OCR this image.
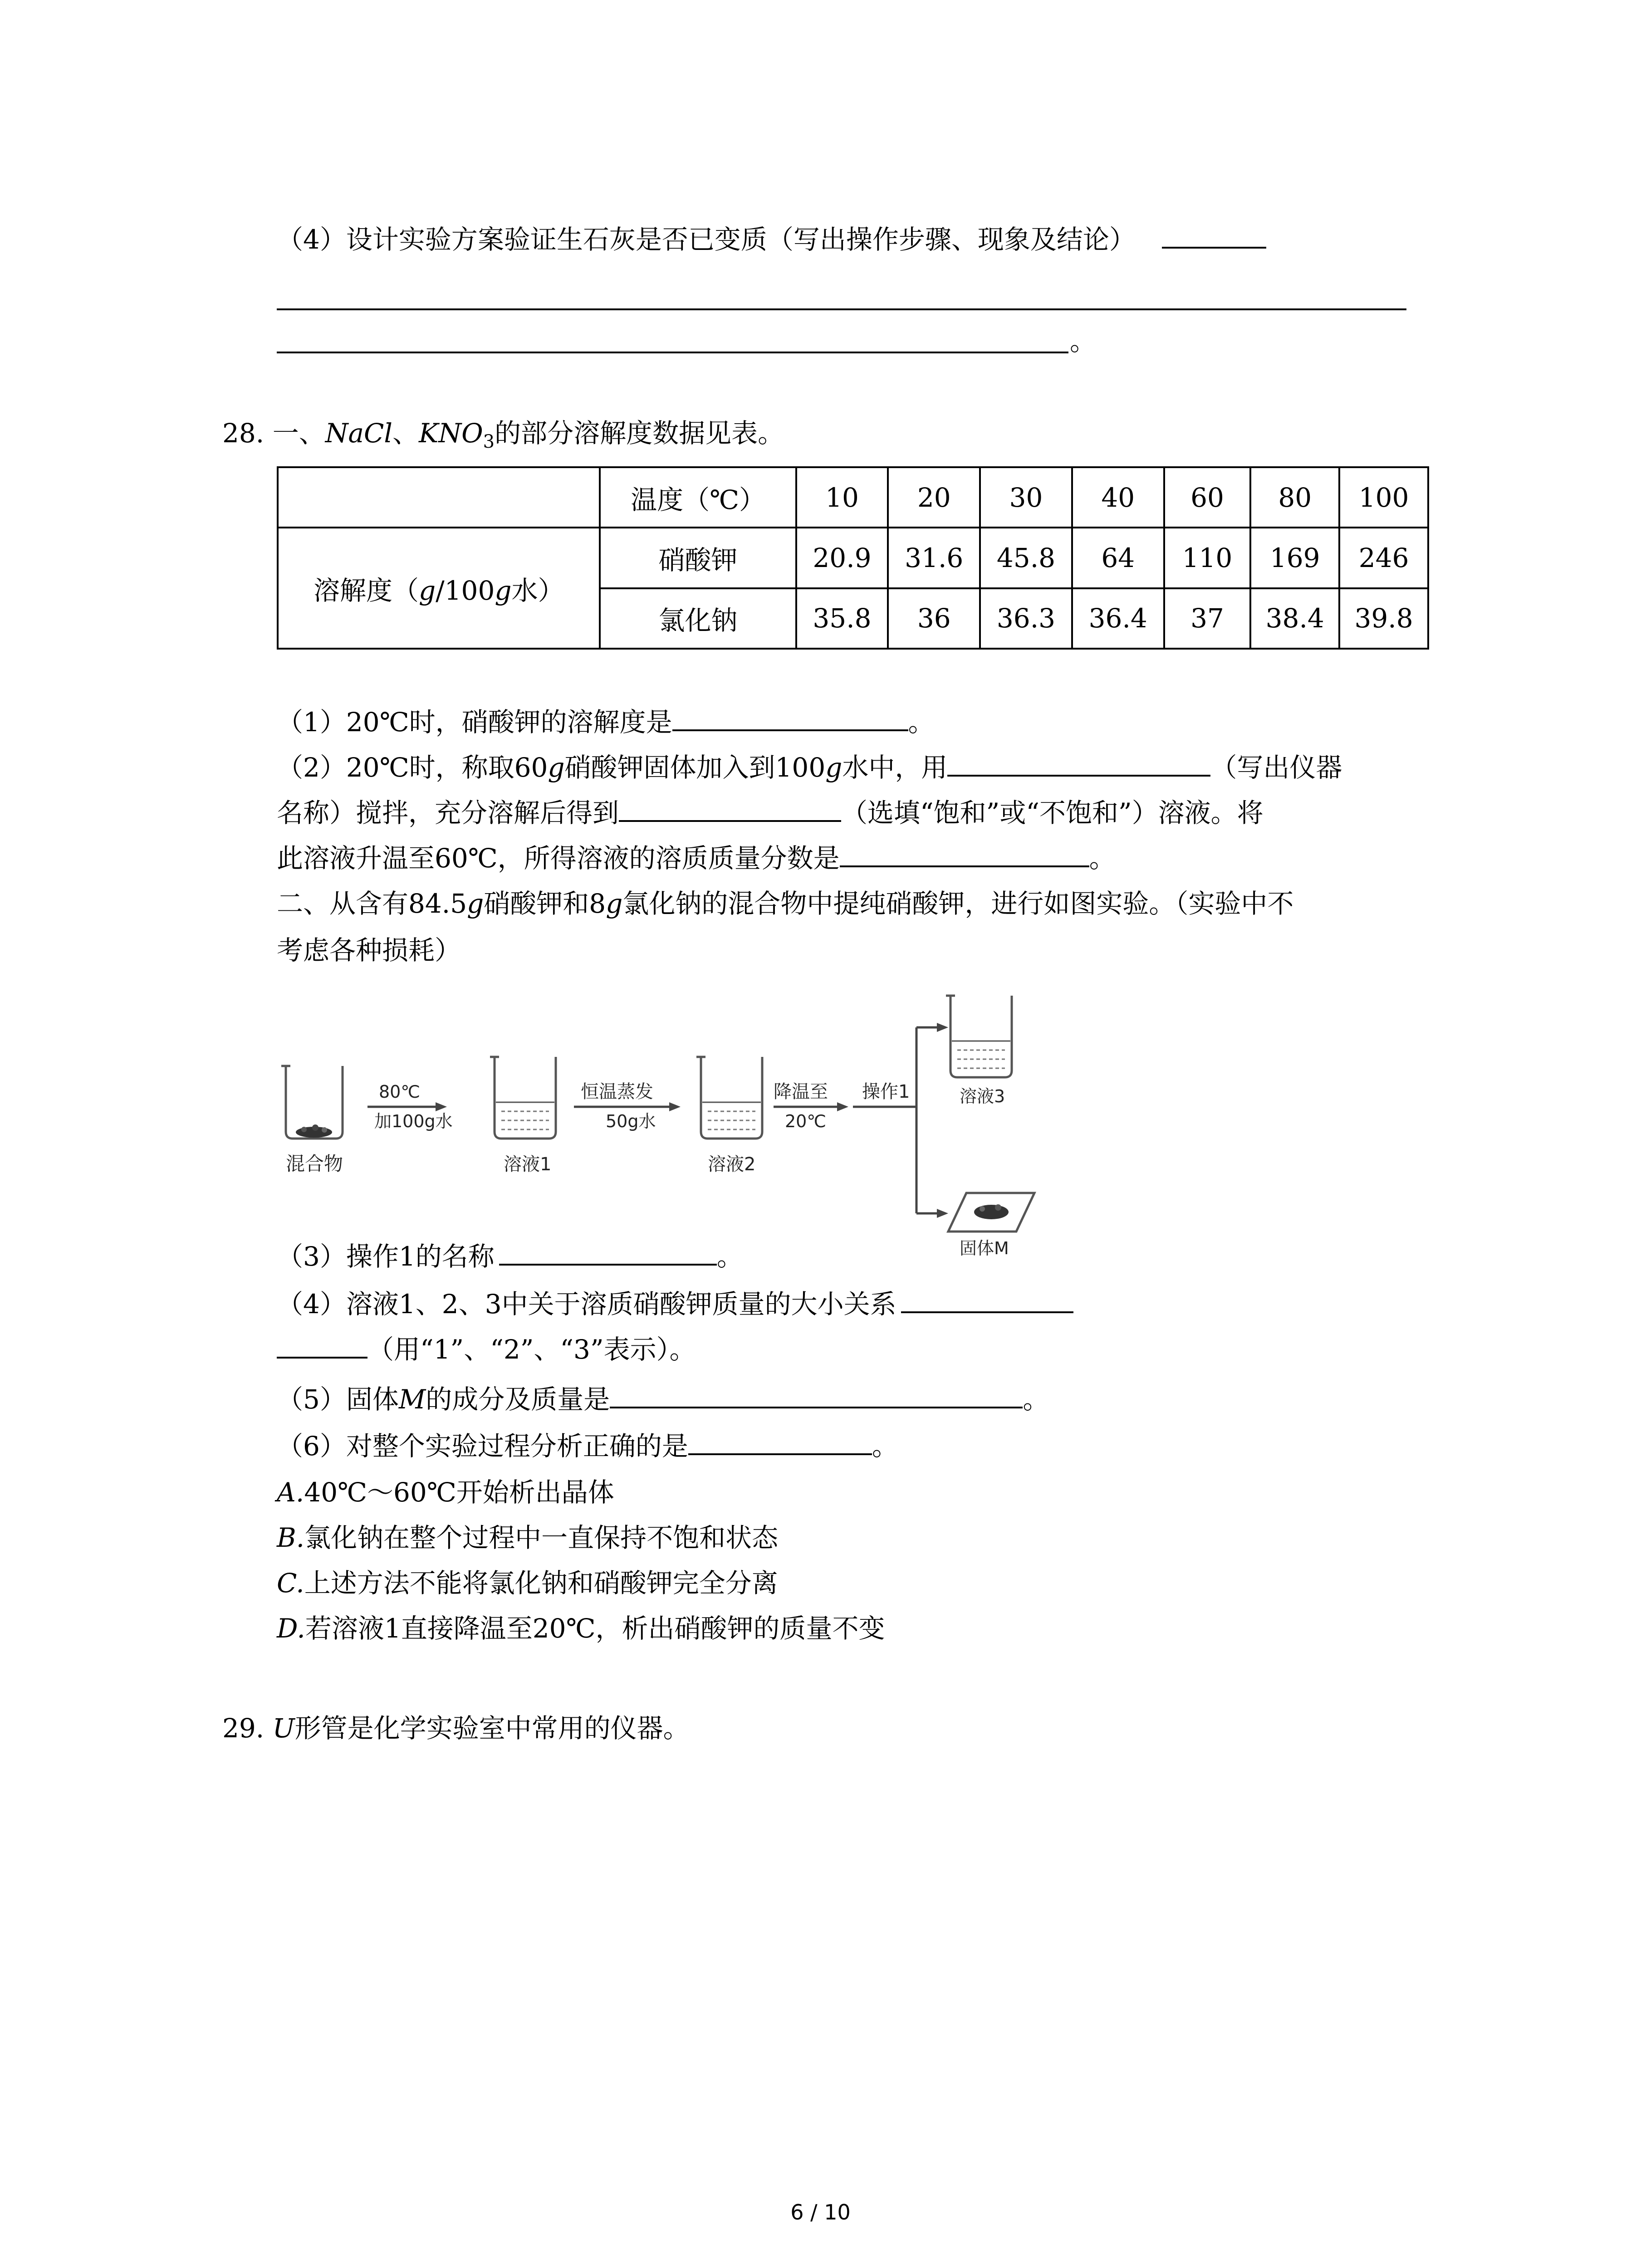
（4）设计实验方案验证生石灰是否已变质（写出操作步骤、现象及结论）
。
28. 一、NaCl、$KNO_3$的部分溶解度数据见表。
	温度（℃）	10	20	30	40	60	80	100
溶解度（g/100g水）	硝酸钾	20.9	31.6	45.8	64	110	169	246
	氯化钠	35.8	36	36.3	36.4	37	38.4	39.8
（1）20℃时，硝酸钾的溶解度是	。
（2）20℃时，称取60g硝酸钾固体加入到100g水中，用	（写出仪器
名称）搅拌，充分溶解后得到	（选填“饱和”或“不饱和”）溶液。将
此溶液升温至60℃，所得溶液的溶质质量分数是	。
二、从含有84.5g硝酸钾和8g氯化钠的混合物中提纯硝酸钾，进行如图实验。（实验中不
考虑各种损耗）
混合物
80℃
加100g水
溶液1
恒温蒸发
50g水
溶液2
降温至
20℃
操作1	溶液3
固体M
（3）操作1的名称	。
（4）溶液1、2、3中关于溶质硝酸钾质量的大小关系
（用“1”、“2”、“3”表示）。
（5）固体M的成分及质量是	。
（6）对整个实验过程分析正确的是	。
A.40℃～60℃开始析出晶体
B.氯化钠在整个过程中一直保持不饱和状态
C.上述方法不能将氯化钠和硝酸钾完全分离
D.若溶液1直接降温至20℃，析出硝酸钾的质量不变
29. U形管是化学实验室中常用的仪器。
6 / 10
